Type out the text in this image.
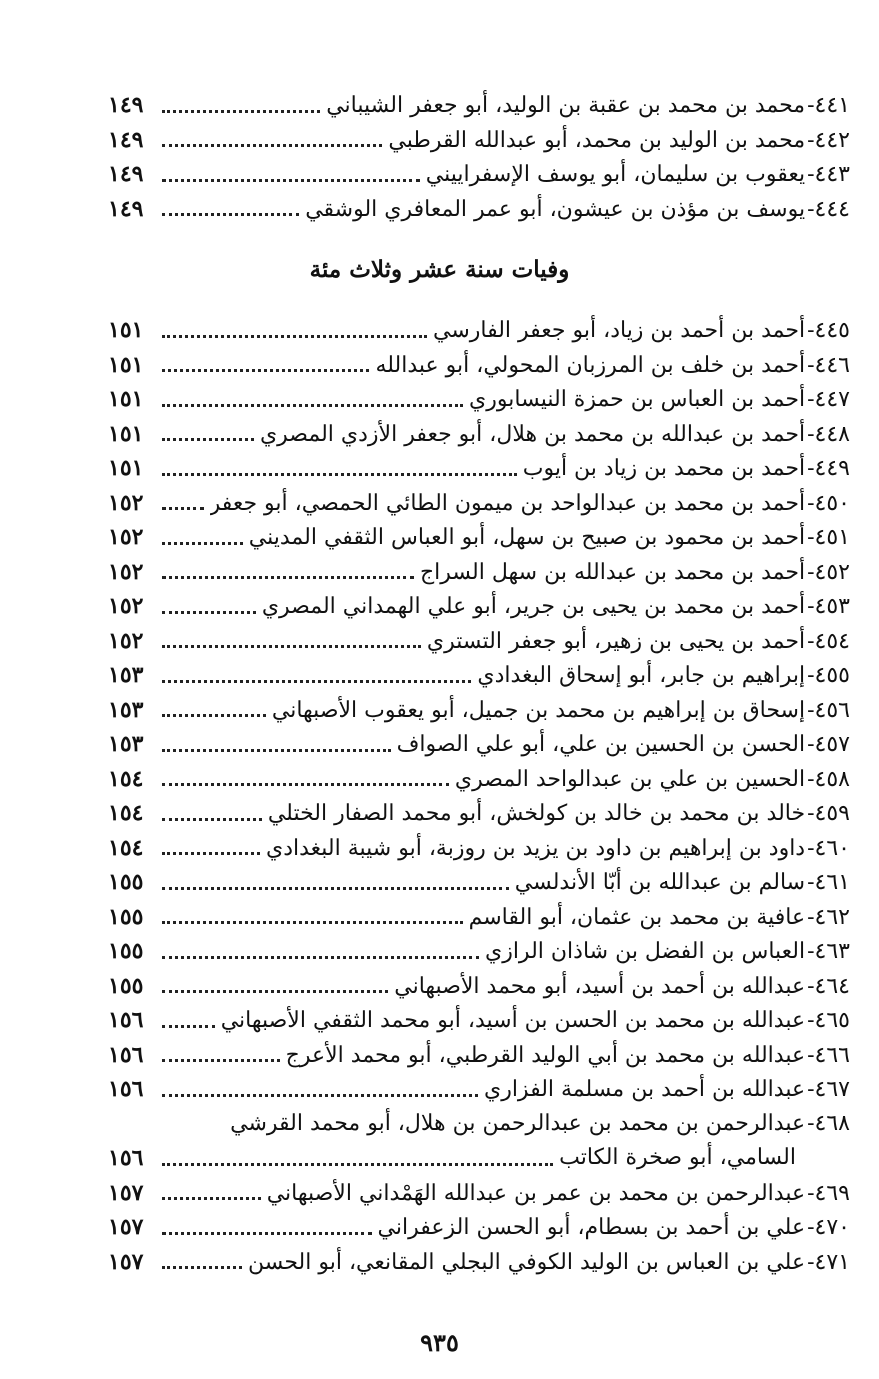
٤٤١-
محمد بن محمد بن عقبة بن الوليد، أبو جعفر الشيباني
١٤٩
٤٤٢-
محمد بن الوليد بن محمد، أبو عبدالله القرطبي
١٤٩
٤٤٣-
يعقوب بن سليمان، أبو يوسف الإسفراييني
١٤٩
٤٤٤-
يوسف بن مؤذن بن عيشون، أبو عمر المعافري الوشقي
١٤٩
وفيات سنة عشر وثلاث مئة
٤٤٥-
أحمد بن أحمد بن زياد، أبو جعفر الفارسي
١٥١
٤٤٦-
أحمد بن خلف بن المرزبان المحولي، أبو عبدالله
١٥١
٤٤٧-
أحمد بن العباس بن حمزة النيسابوري
١٥١
٤٤٨-
أحمد بن عبدالله بن محمد بن هلال، أبو جعفر الأزدي المصري
١٥١
٤٤٩-
أحمد بن محمد بن زياد بن أيوب
١٥١
٤٥٠-
أحمد بن محمد بن عبدالواحد بن ميمون الطائي الحمصي، أبو جعفر
١٥٢
٤٥١-
أحمد بن محمود بن صبيح بن سهل، أبو العباس الثقفي المديني
١٥٢
٤٥٢-
أحمد بن محمد بن عبدالله بن سهل السراج
١٥٢
٤٥٣-
أحمد بن محمد بن يحيى بن جرير، أبو علي الهمداني المصري
١٥٢
٤٥٤-
أحمد بن يحيى بن زهير، أبو جعفر التستري
١٥٢
٤٥٥-
إبراهيم بن جابر، أبو إسحاق البغدادي
١٥٣
٤٥٦-
إسحاق بن إبراهيم بن محمد بن جميل، أبو يعقوب الأصبهاني
١٥٣
٤٥٧-
الحسن بن الحسين بن علي، أبو علي الصواف
١٥٣
٤٥٨-
الحسين بن علي بن عبدالواحد المصري
١٥٤
٤٥٩-
خالد بن محمد بن خالد بن كولخش، أبو محمد الصفار الختلي
١٥٤
٤٦٠-
داود بن إبراهيم بن داود بن يزيد بن روزبة، أبو شيبة البغدادي
١٥٤
٤٦١-
سالم بن عبدالله بن أبّا الأندلسي
١٥٥
٤٦٢-
عافية بن محمد بن عثمان، أبو القاسم
١٥٥
٤٦٣-
العباس بن الفضل بن شاذان الرازي
١٥٥
٤٦٤-
عبدالله بن أحمد بن أسيد، أبو محمد الأصبهاني
١٥٥
٤٦٥-
عبدالله بن محمد بن الحسن بن أسيد، أبو محمد الثقفي الأصبهاني
١٥٦
٤٦٦-
عبدالله بن محمد بن أبي الوليد القرطبي، أبو محمد الأعرج
١٥٦
٤٦٧-
عبدالله بن أحمد بن مسلمة الفزاري
١٥٦
٤٦٨-
عبدالرحمن بن محمد بن عبدالرحمن بن هلال، أبو محمد القرشي
السامي، أبو صخرة الكاتب
١٥٦
٤٦٩-
عبدالرحمن بن محمد بن عمر بن عبدالله الهَمْداني الأصبهاني
١٥٧
٤٧٠-
علي بن أحمد بن بسطام، أبو الحسن الزعفراني
١٥٧
٤٧١-
علي بن العباس بن الوليد الكوفي البجلي المقانعي، أبو الحسن
١٥٧
٩٣٥
